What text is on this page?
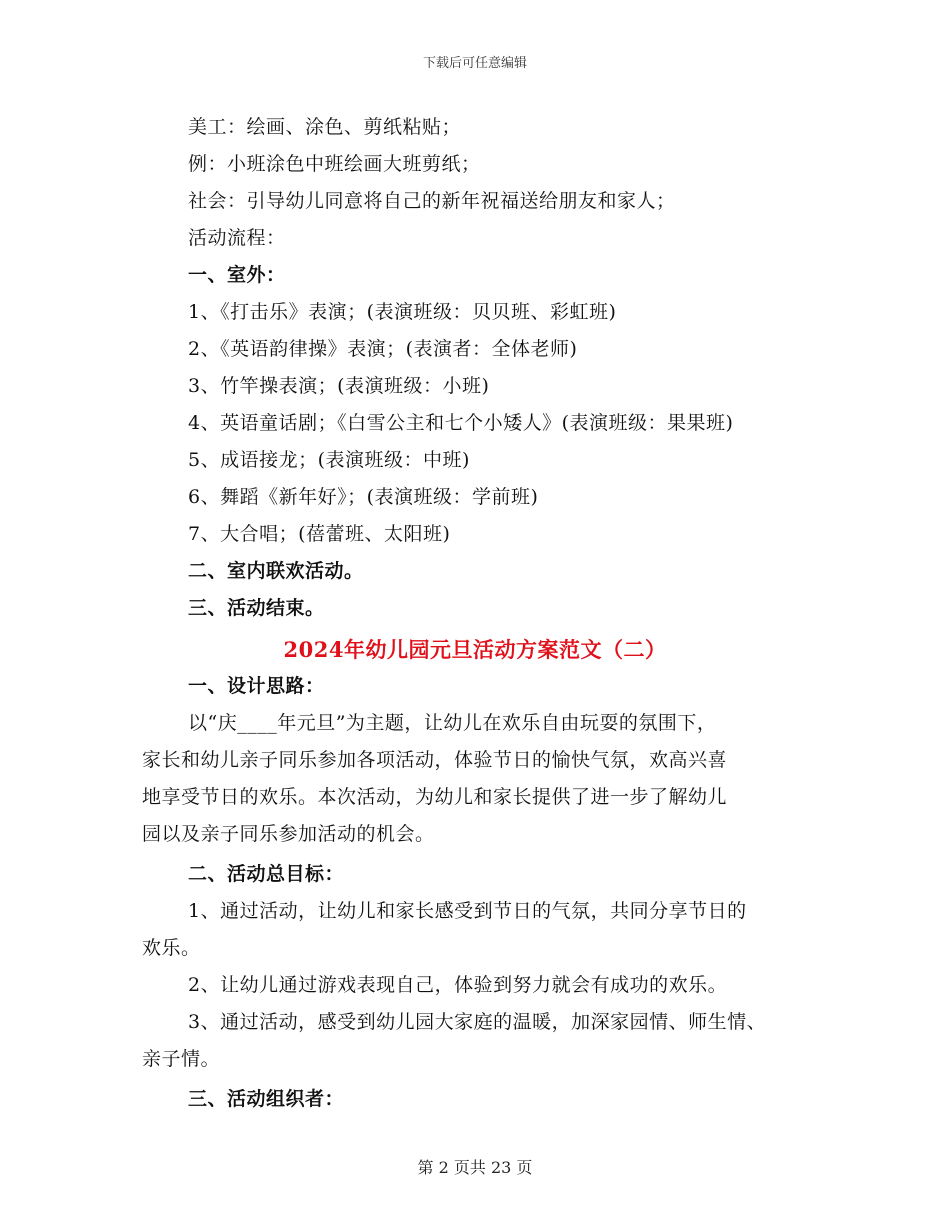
下载后可任意编辑
美工：绘画、涂色、剪纸粘贴；
例：小班涂色中班绘画大班剪纸；
社会：引导幼儿同意将自己的新年祝福送给朋友和家人；
活动流程：
一、室外：
1、《打击乐》表演；(表演班级：贝贝班、彩虹班)
2、《英语韵律操》表演；(表演者：全体老师)
3、竹竿操表演；(表演班级：小班)
4、英语童话剧；《白雪公主和七个小矮人》(表演班级：果果班)
5、成语接龙；(表演班级：中班)
6、舞蹈《新年好》；(表演班级：学前班)
7、大合唱；(蓓蕾班、太阳班)
二、室内联欢活动。
三、活动结束。
2024年幼儿园元旦活动方案范文（二）
一、设计思路：
以“庆____年元旦”为主题，让幼儿在欢乐自由玩耍的氛围下，
家长和幼儿亲子同乐参加各项活动，体验节日的愉快气氛，欢高兴喜
地享受节日的欢乐。本次活动，为幼儿和家长提供了进一步了解幼儿
园以及亲子同乐参加活动的机会。
二、活动总目标：
1、通过活动，让幼儿和家长感受到节日的气氛，共同分享节日的
欢乐。
2、让幼儿通过游戏表现自己，体验到努力就会有成功的欢乐。
3、通过活动，感受到幼儿园大家庭的温暖，加深家园情、师生情、
亲子情。
三、活动组织者：
第 2 页共 23 页
